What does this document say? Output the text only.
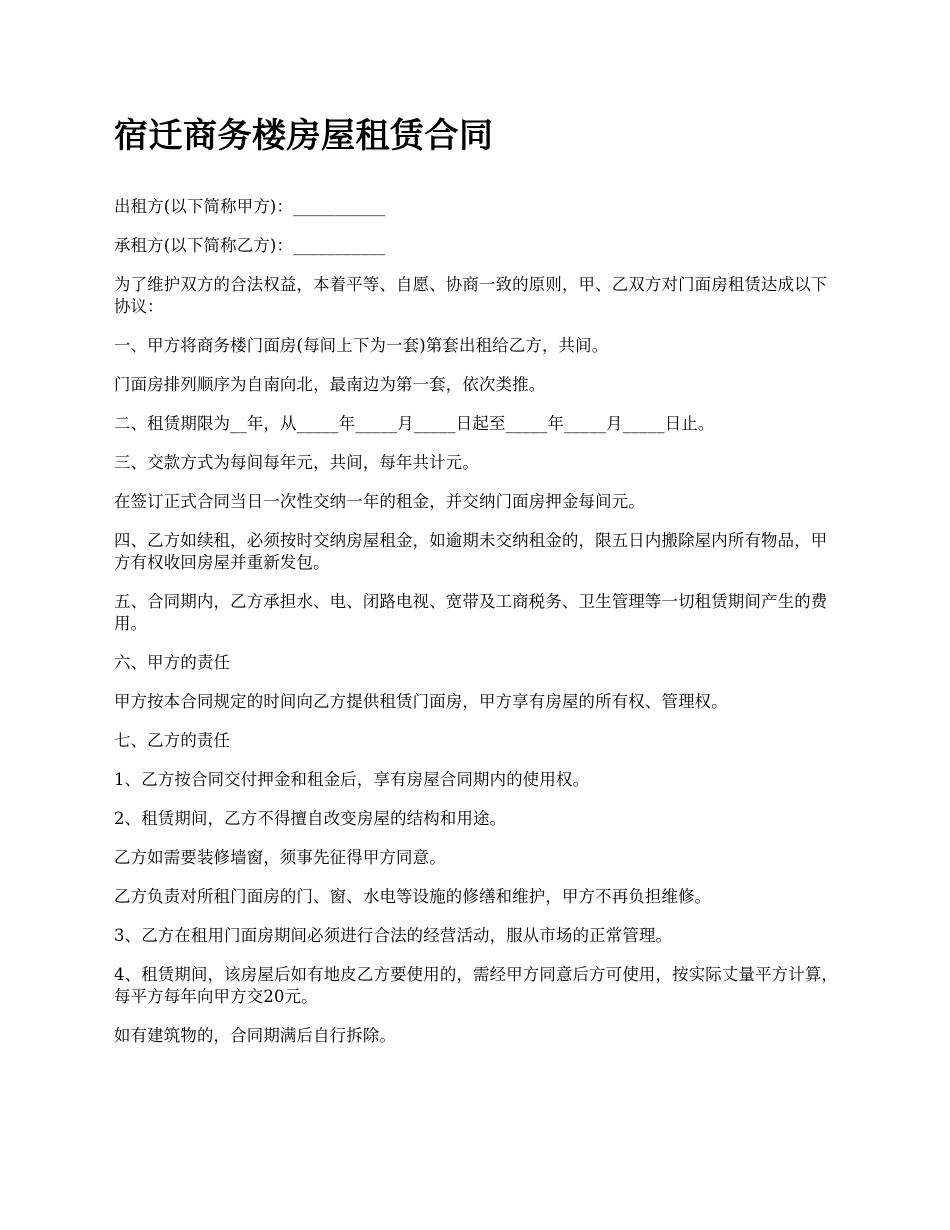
宿迁商务楼房屋租赁合同

出租方(以下简称甲方)：___________

承租方(以下简称乙方)：___________

为了维护双方的合法权益，本着平等、自愿、协商一致的原则，甲、乙双方对门面房租赁达成以下协议：

一、甲方将商务楼门面房(每间上下为一套)第套出租给乙方，共间。

门面房排列顺序为自南向北，最南边为第一套，依次类推。

二、租赁期限为__年，从_____年_____月_____日起至_____年_____月_____日止。

三、交款方式为每间每年元，共间，每年共计元。

在签订正式合同当日一次性交纳一年的租金，并交纳门面房押金每间元。

四、乙方如续租，必须按时交纳房屋租金，如逾期未交纳租金的，限五日内搬除屋内所有物品，甲方有权收回房屋并重新发包。

五、合同期内，乙方承担水、电、闭路电视、宽带及工商税务、卫生管理等一切租赁期间产生的费用。

六、甲方的责任

甲方按本合同规定的时间向乙方提供租赁门面房，甲方享有房屋的所有权、管理权。

七、乙方的责任

1、乙方按合同交付押金和租金后，享有房屋合同期内的使用权。

2、租赁期间，乙方不得擅自改变房屋的结构和用途。

乙方如需要装修墙窗，须事先征得甲方同意。

乙方负责对所租门面房的门、窗、水电等设施的修缮和维护，甲方不再负担维修。

3、乙方在租用门面房期间必须进行合法的经营活动，服从市场的正常管理。

4、租赁期间，该房屋后如有地皮乙方要使用的，需经甲方同意后方可使用，按实际丈量平方计算，每平方每年向甲方交20元。

如有建筑物的，合同期满后自行拆除。
